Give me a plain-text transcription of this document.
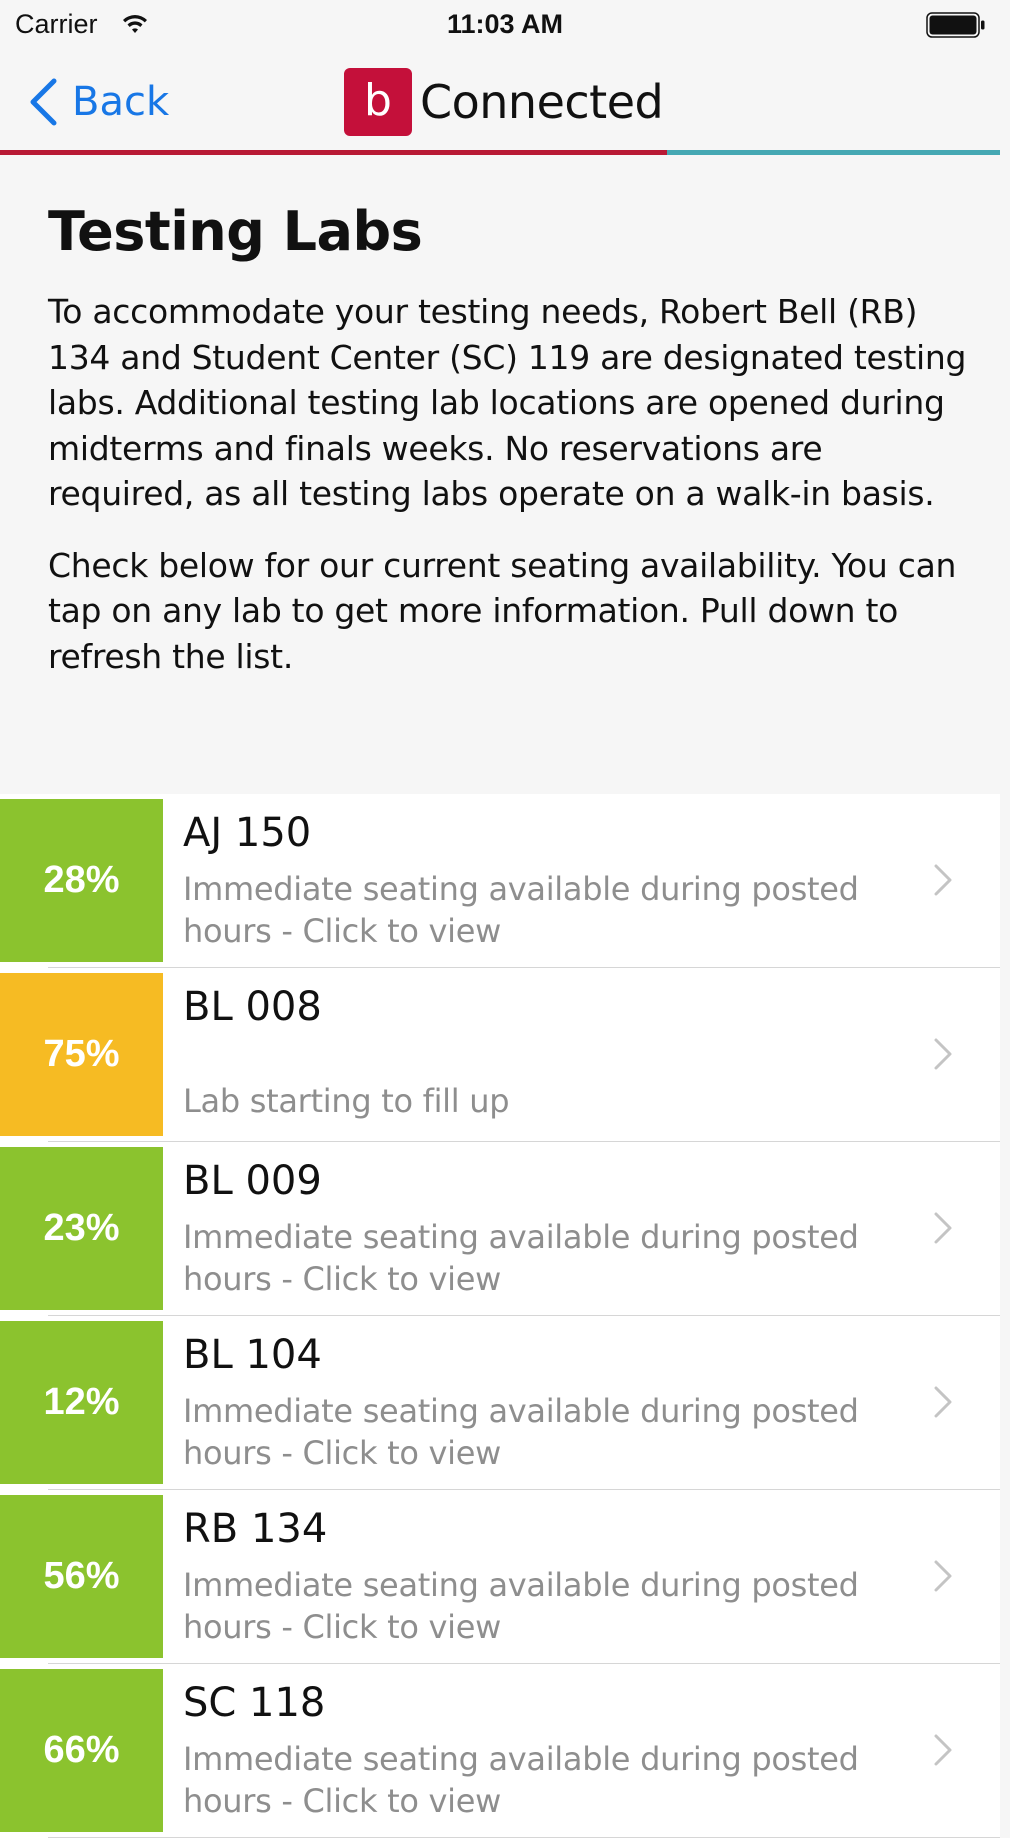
Carrier	11:03 AM
Back	b Connected
Testing Labs

To accommodate your testing needs, Robert Bell (RB) 134 and Student Center (SC) 119 are designated testing labs. Additional testing lab locations are opened during midterms and finals weeks. No reservations are required, as all testing labs operate on a walk-in basis.

Check below for our current seating availability. You can tap on any lab to get more information. Pull down to refresh the list.

28%
AJ 150
Immediate seating available during posted hours - Click to view
75%
BL 008
Lab starting to fill up
23%
BL 009
Immediate seating available during posted hours - Click to view
12%
BL 104
Immediate seating available during posted hours - Click to view
56%
RB 134
Immediate seating available during posted hours - Click to view
66%
SC 118
Immediate seating available during posted hours - Click to view
